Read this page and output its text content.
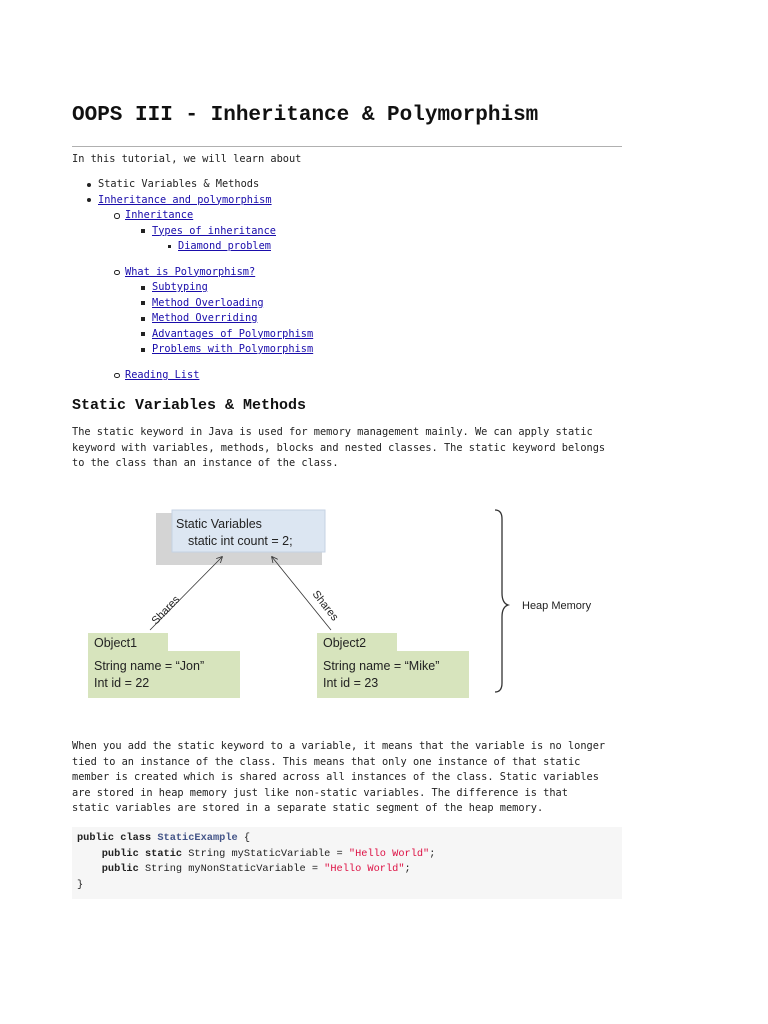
OOPS III - Inheritance & Polymorphism

In this tutorial, we will learn about

Static Variables & Methods
Inheritance and polymorphism
Inheritance
Types of inheritance
Diamond problem
What is Polymorphism?
Subtyping
Method Overloading
Method Overriding
Advantages of Polymorphism
Problems with Polymorphism
Reading List
Static Variables & Methods

The static keyword in Java is used for memory management mainly. We can apply static
keyword with variables, methods, blocks and nested classes. The static keyword belongs
to the class than an instance of the class.

When you add the static keyword to a variable, it means that the variable is no longer
tied to an instance of the class. This means that only one instance of that static
member is created which is shared across all instances of the class. Static variables
are stored in heap memory just like non-static variables. The difference is that
static variables are stored in a separate static segment of the heap memory.

Static Variables
static int count = 2;
Shares	Shares
Object1
String name = “Jon”
Int id = 22
Object2
String name = “Mike”
Int id = 23
Heap Memory
public class StaticExample {
public static String myStaticVariable = "Hello World";
public String myNonStaticVariable = "Hello World";
}
